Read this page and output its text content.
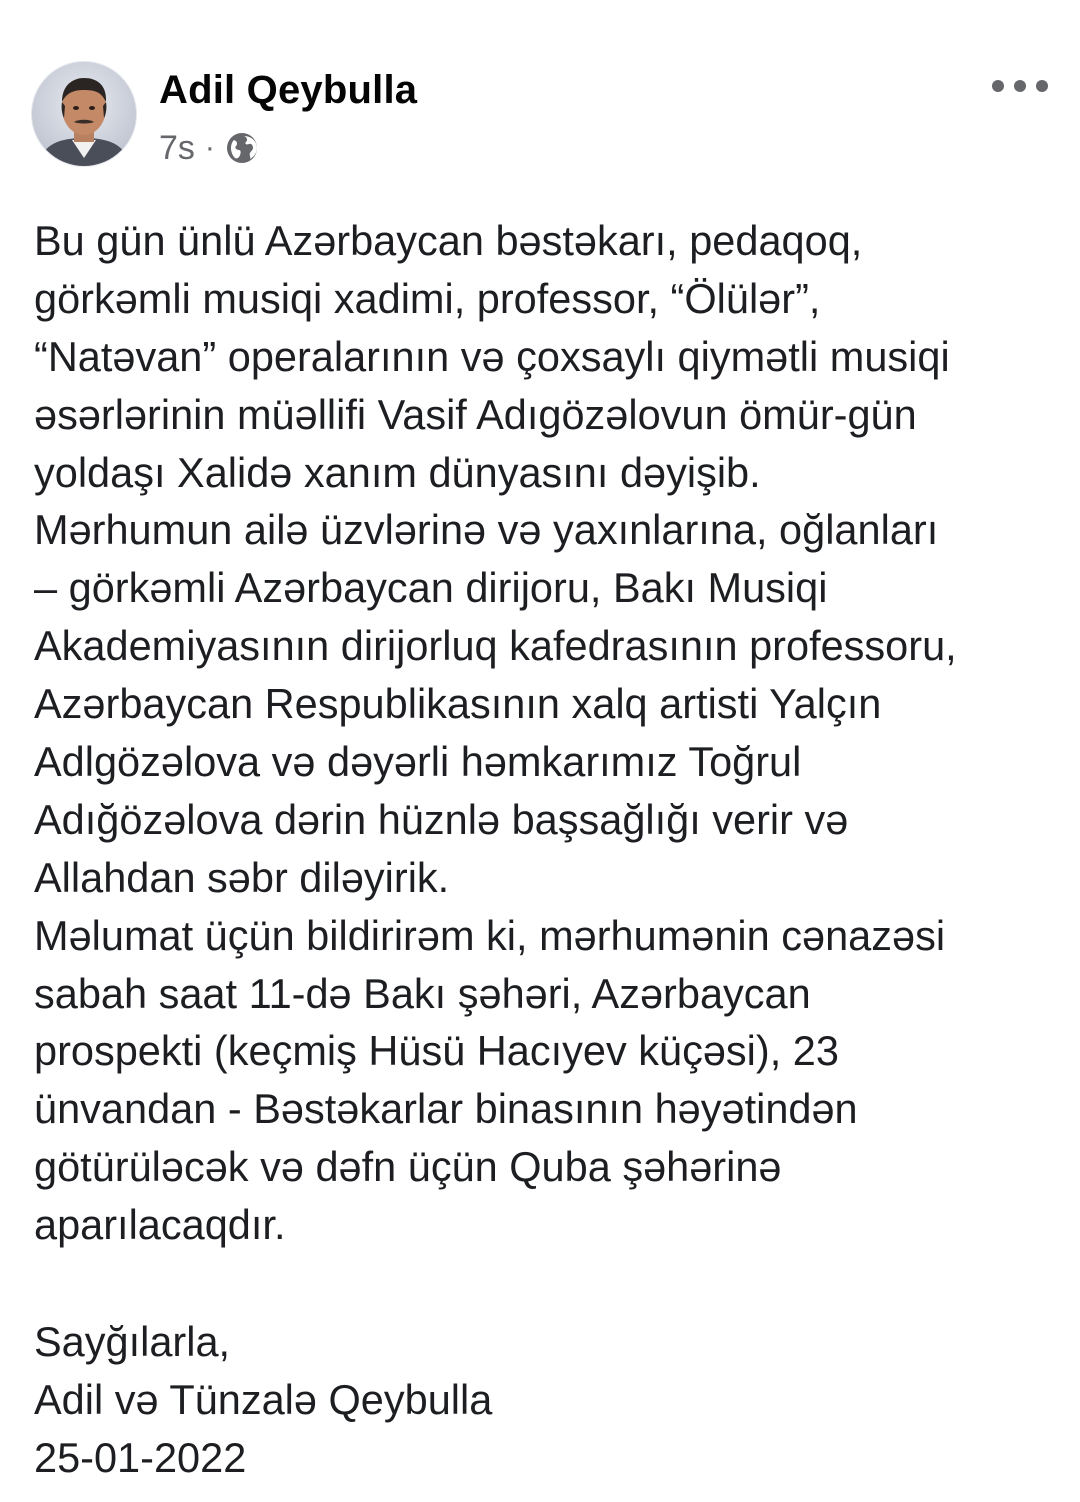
Adil Qeybulla
7s ·
Bu gün ünlü Azərbaycan bəstəkarı, pedaqoq,
görkəmli musiqi xadimi, professor, “Ölülər”,
“Natəvan” operalarının və çoxsaylı qiymətli musiqi
əsərlərinin müəllifi Vasif Adıgözəlovun ömür-gün
yoldaşı Xalidə xanım dünyasını dəyişib.
Mərhumun ailə üzvlərinə və yaxınlarına, oğlanları
– görkəmli Azərbaycan dirijoru, Bakı Musiqi
Akademiyasının dirijorluq kafedrasının professoru,
Azərbaycan Respublikasının xalq artisti Yalçın
Adlgözəlova və dəyərli həmkarımız Toğrul
Adığözəlova dərin hüznlə başsağlığı verir və
Allahdan səbr diləyirik.
Məlumat üçün bildirirəm ki, mərhumənin cənazəsi
sabah saat 11-də Bakı şəhəri, Azərbaycan
prospekti (keçmiş Hüsü Hacıyev küçəsi), 23
ünvandan - Bəstəkarlar binasının həyətindən
götürüləcək və dəfn üçün Quba şəhərinə
aparılacaqdır.
Sayğılarla,
Adil və Tünzalə Qeybulla
25-01-2022
